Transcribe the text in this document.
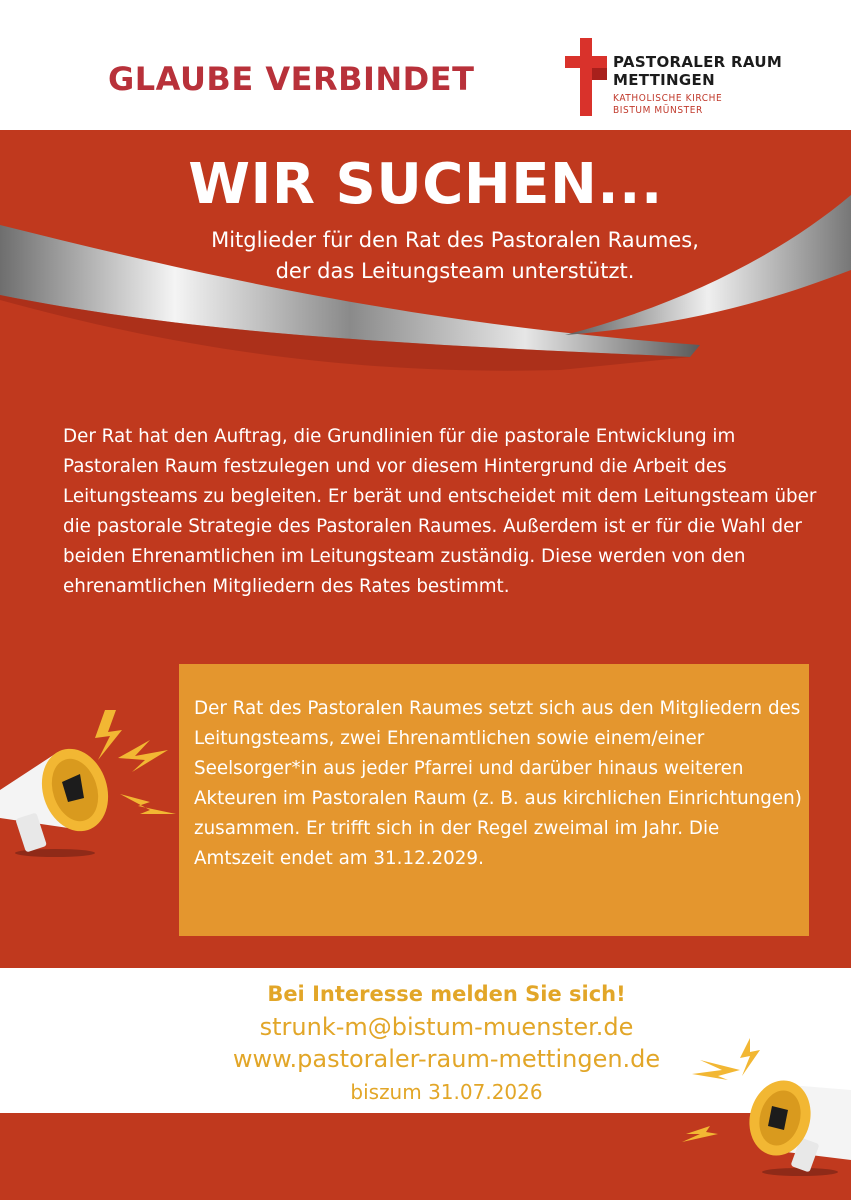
GLAUBE VERBINDET	PASTORALER RAUM
METTINGEN
KATHOLISCHE KIRCHE
BISTUM MÜNSTER
WIR SUCHEN...
Mitglieder für den Rat des Pastoralen Raumes,
der das Leitungsteam unterstützt.
Der Rat hat den Auftrag, die Grundlinien für die pastorale Entwicklung im Pastoralen Raum festzulegen und vor diesem Hintergrund die Arbeit des Leitungsteams zu begleiten. Er berät und entscheidet mit dem Leitungsteam über die pastorale Strategie des Pastoralen Raumes. Außerdem ist er für die Wahl der beiden Ehrenamtlichen im Leitungsteam zuständig. Diese werden von den ehrenamtlichen Mitgliedern des Rates bestimmt.
Der Rat des Pastoralen Raumes setzt sich aus den Mitgliedern des Leitungsteams, zwei Ehrenamtlichen sowie einem/einer Seelsorger*in aus jeder Pfarrei und darüber hinaus weiteren Akteuren im Pastoralen Raum (z. B. aus kirchlichen Einrichtungen) zusammen. Er trifft sich in der Regel zweimal im Jahr. Die Amtszeit endet am 31.12.2029.
Bei Interesse melden Sie sich!
strunk-m@bistum-muenster.de
www.pastoraler-raum-mettingen.de
biszum 31.07.2026
